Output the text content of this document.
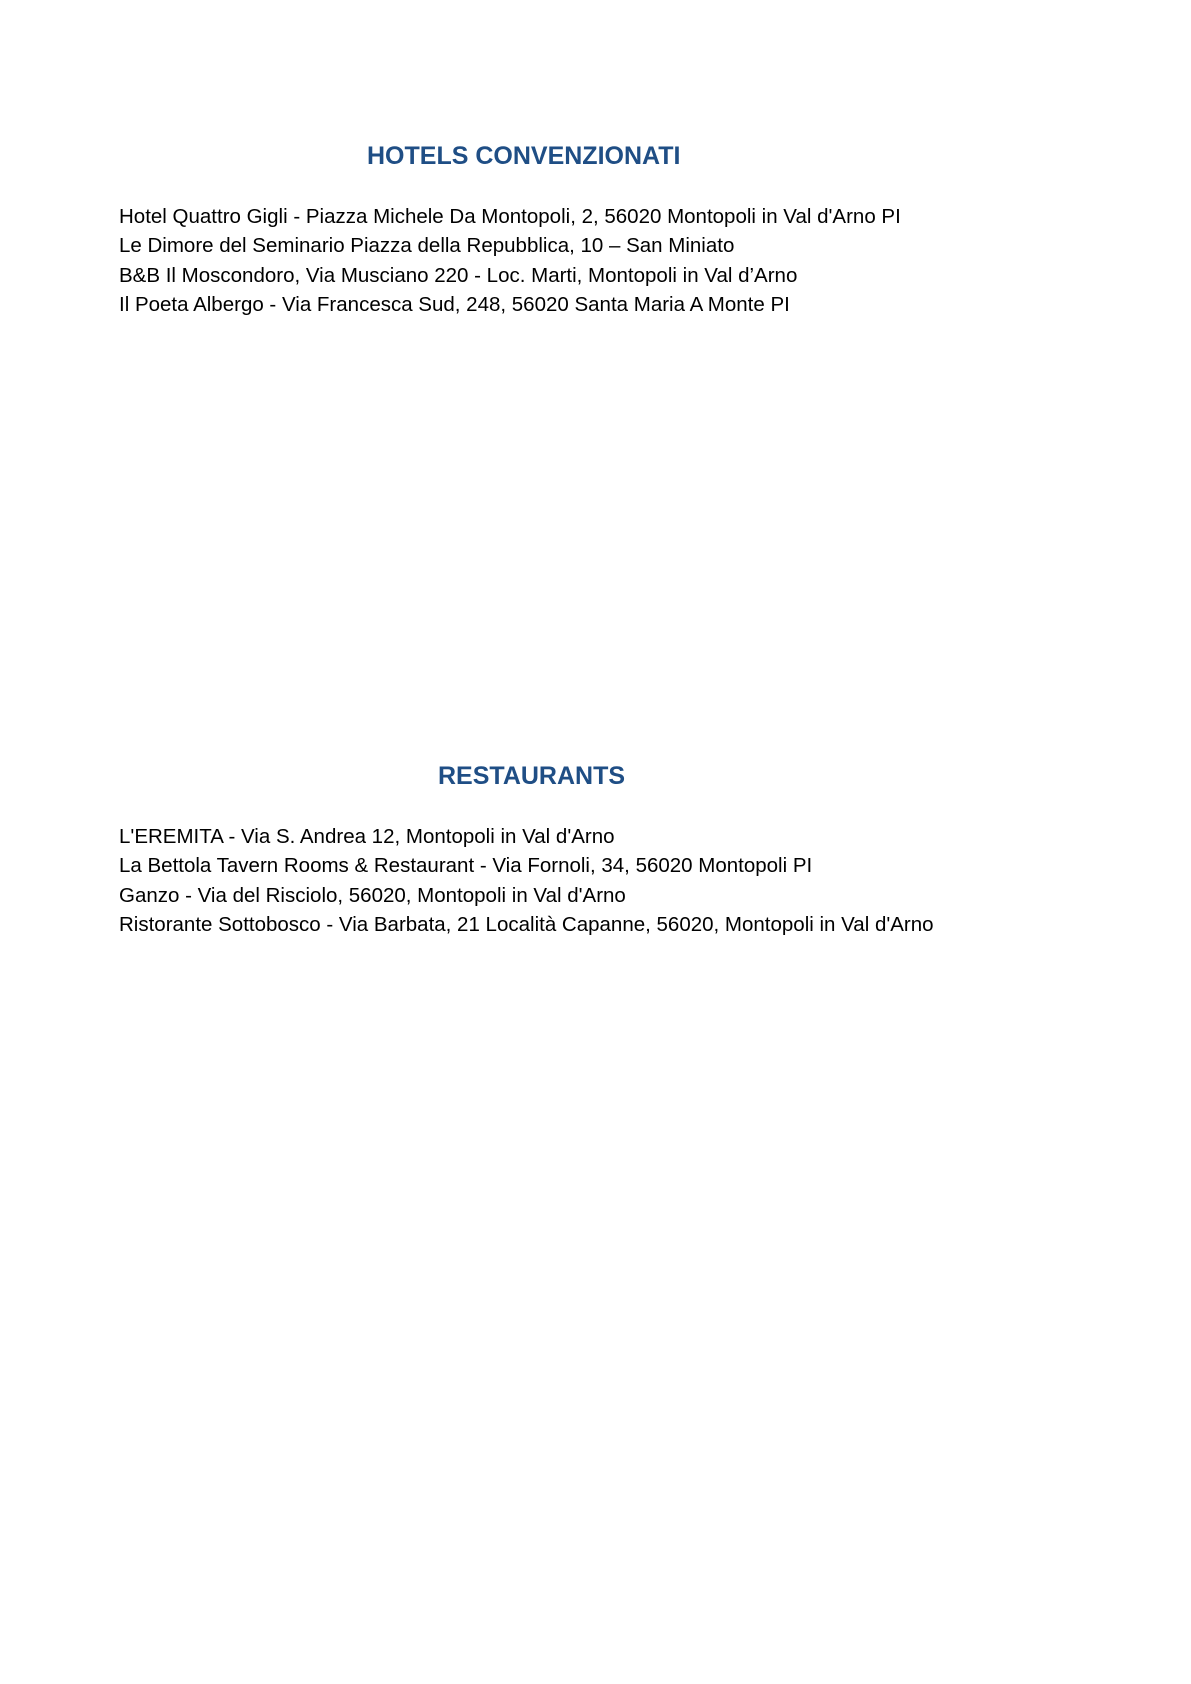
HOTELS CONVENZIONATI
Hotel Quattro Gigli - Piazza Michele Da Montopoli, 2, 56020 Montopoli in Val d'Arno PI
Le Dimore del Seminario Piazza della Repubblica, 10 – San Miniato
B&B Il Moscondoro, Via Musciano 220 - Loc. Marti, Montopoli in Val d’Arno
Il Poeta Albergo - Via Francesca Sud, 248, 56020 Santa Maria A Monte PI
RESTAURANTS
L'EREMITA - Via S. Andrea 12, Montopoli in Val d'Arno
La Bettola Tavern Rooms & Restaurant - Via Fornoli, 34, 56020 Montopoli PI
Ganzo - Via del Risciolo, 56020, Montopoli in Val d'Arno
Ristorante Sottobosco - Via Barbata, 21 Località Capanne, 56020, Montopoli in Val d'Arno
